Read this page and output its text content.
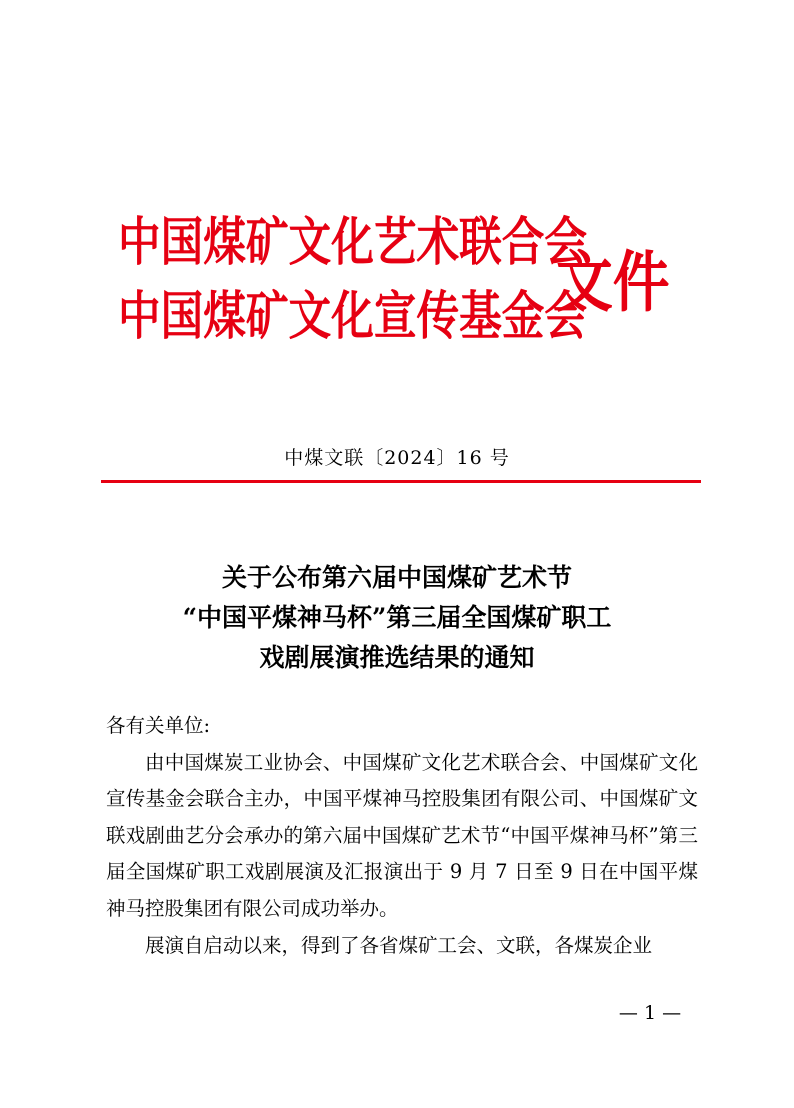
中国煤矿文化艺术联合会
中国煤矿文化宣传基金会
文件
中煤文联〔2024〕16 号
关于公布第六届中国煤矿艺术节
“中国平煤神马杯”第三届全国煤矿职工
戏剧展演推选结果的通知

各有关单位:

由中国煤炭工业协会、中国煤矿文化艺术联合会、中国煤矿文化宣传基金会联合主办，中国平煤神马控股集团有限公司、中国煤矿文联戏剧曲艺分会承办的第六届中国煤矿艺术节“中国平煤神马杯”第三届全国煤矿职工戏剧展演及汇报演出于 9 月 7 日至 9 日在中国平煤神马控股集团有限公司成功举办。

展演自启动以来，得到了各省煤矿工会、文联，各煤炭企业

— 1 —
